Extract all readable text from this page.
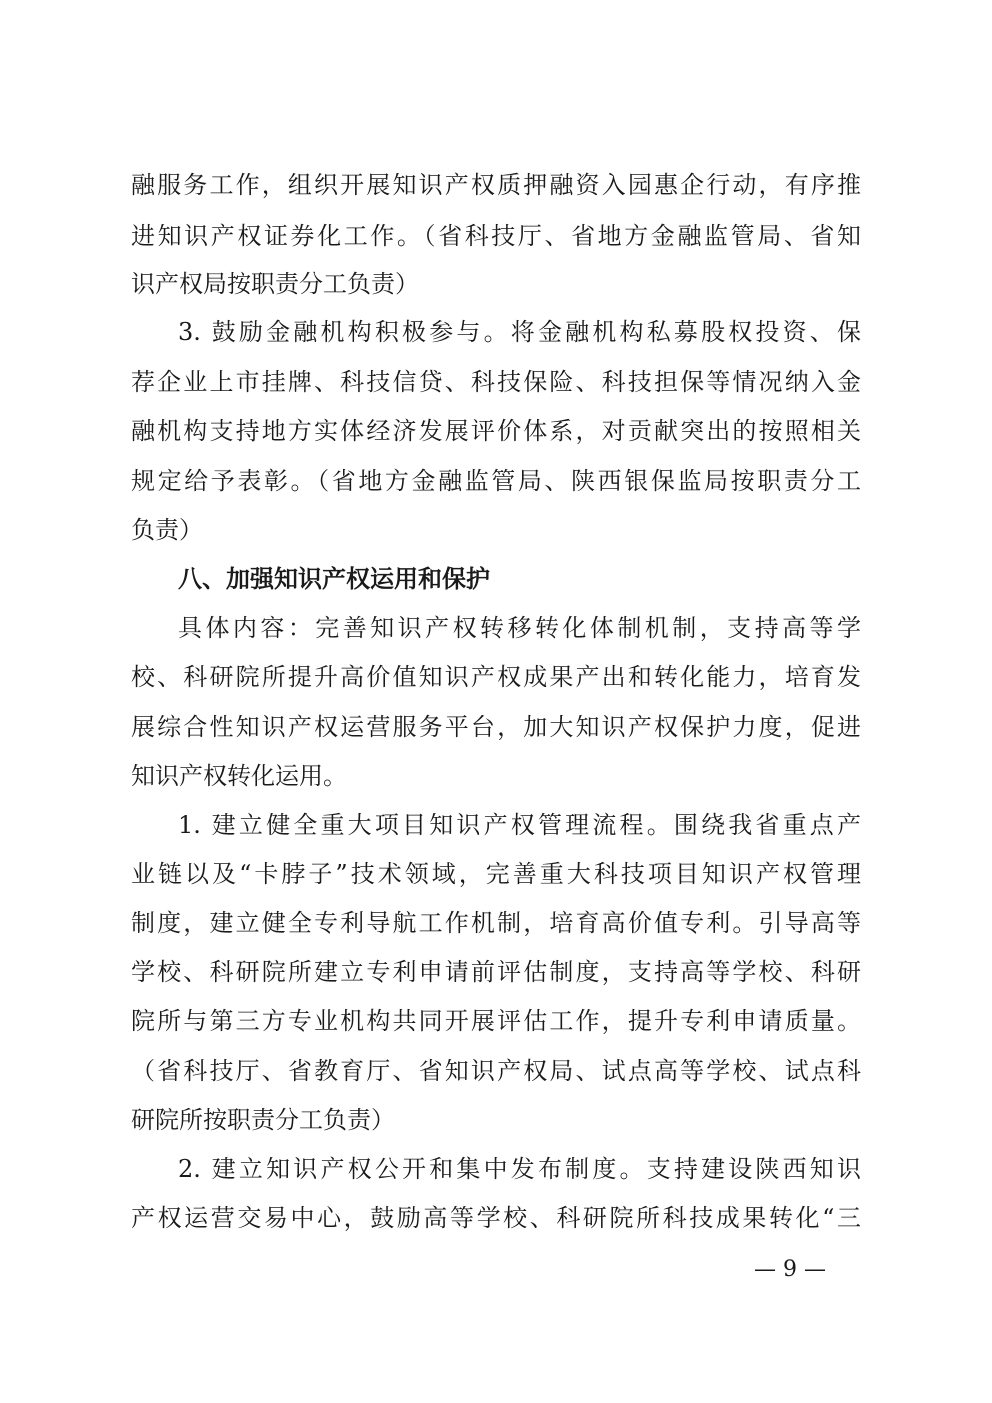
融服务工作，组织开展知识产权质押融资入园惠企行动，有序推
进知识产权证券化工作。（省科技厅、省地方金融监管局、省知
识产权局按职责分工负责）
3. 鼓励金融机构积极参与。将金融机构私募股权投资、保
荐企业上市挂牌、科技信贷、科技保险、科技担保等情况纳入金
融机构支持地方实体经济发展评价体系，对贡献突出的按照相关
规定给予表彰。（省地方金融监管局、陕西银保监局按职责分工
负责）
八、加强知识产权运用和保护
具体内容：完善知识产权转移转化体制机制，支持高等学
校、科研院所提升高价值知识产权成果产出和转化能力，培育发
展综合性知识产权运营服务平台，加大知识产权保护力度，促进
知识产权转化运用。
1. 建立健全重大项目知识产权管理流程。围绕我省重点产
业链以及“卡脖子”技术领域，完善重大科技项目知识产权管理
制度，建立健全专利导航工作机制，培育高价值专利。引导高等
学校、科研院所建立专利申请前评估制度，支持高等学校、科研
院所与第三方专业机构共同开展评估工作，提升专利申请质量。
（省科技厅、省教育厅、省知识产权局、试点高等学校、试点科
研院所按职责分工负责）
2. 建立知识产权公开和集中发布制度。支持建设陕西知识
产权运营交易中心，鼓励高等学校、科研院所科技成果转化“三
— 9 —
